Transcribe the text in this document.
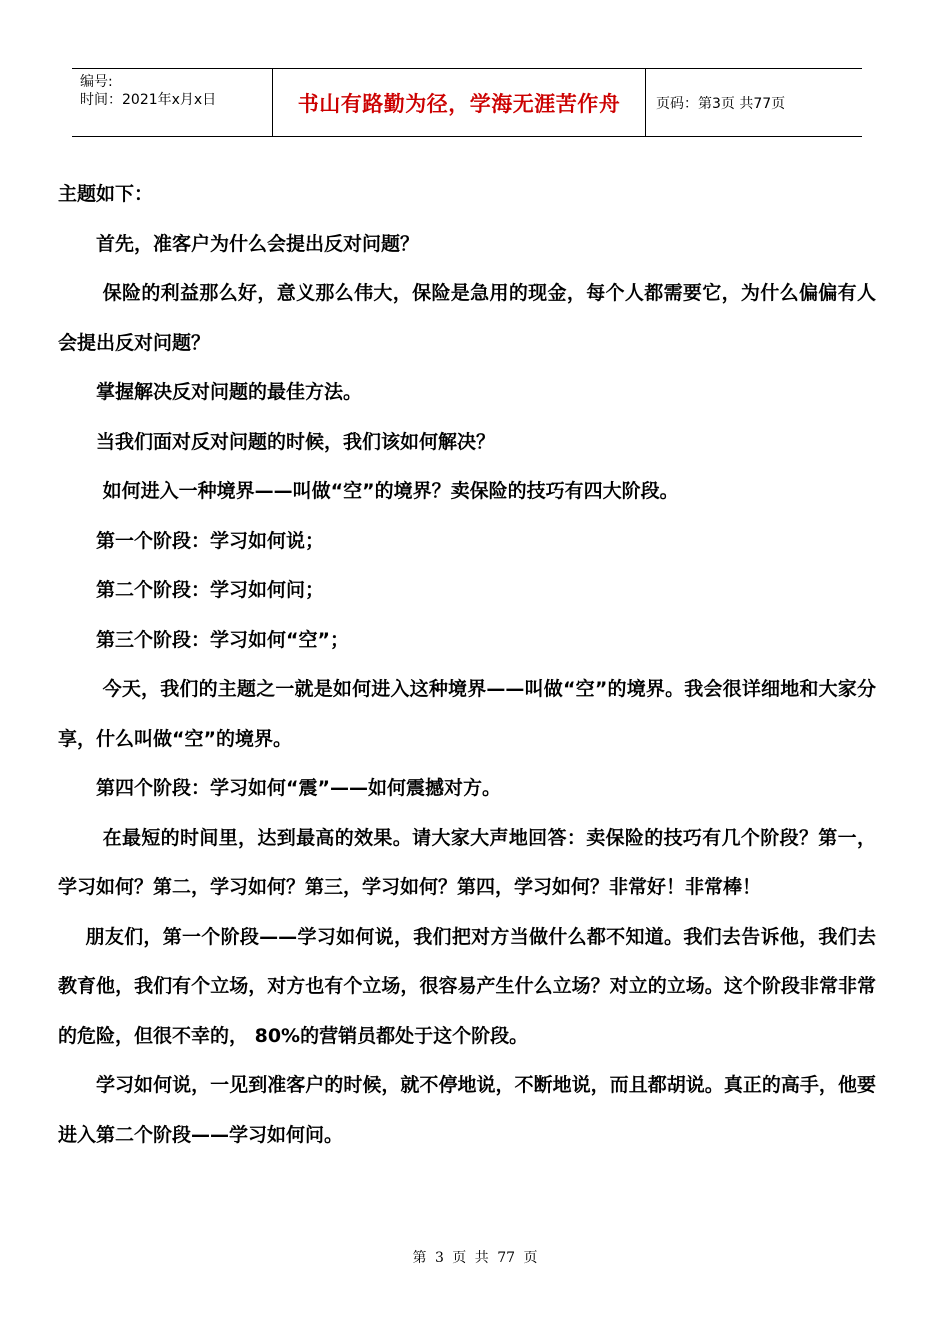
编号:
时间：2021年x月x日	书山有路勤为径，学海无涯苦作舟	页码：第3页 共77页

主题如下：

首先，准客户为什么会提出反对问题？

保险的利益那么好，意义那么伟大，保险是急用的现金，每个人都需要它，为什么偏偏有人会提出反对问题？

掌握解决反对问题的最佳方法。

当我们面对反对问题的时候，我们该如何解决？

如何进入一种境界——叫做“空”的境界？卖保险的技巧有四大阶段。

第一个阶段：学习如何说；

第二个阶段：学习如何问；

第三个阶段：学习如何“空”；

今天，我们的主题之一就是如何进入这种境界——叫做“空”的境界。我会很详细地和大家分享，什么叫做“空”的境界。

第四个阶段：学习如何“震”——如何震撼对方。

在最短的时间里，达到最高的效果。请大家大声地回答：卖保险的技巧有几个阶段？第一，学习如何？第二，学习如何？第三，学习如何？第四，学习如何？非常好！非常棒！

朋友们，第一个阶段——学习如何说，我们把对方当做什么都不知道。我们去告诉他，我们去教育他，我们有个立场，对方也有个立场，很容易产生什么立场？对立的立场。这个阶段非常非常的危险，但很不幸的， 80%的营销员都处于这个阶段。

学习如何说，一见到准客户的时候，就不停地说，不断地说，而且都胡说。真正的高手，他要进入第二个阶段——学习如何问。

第 3 页 共 77 页
